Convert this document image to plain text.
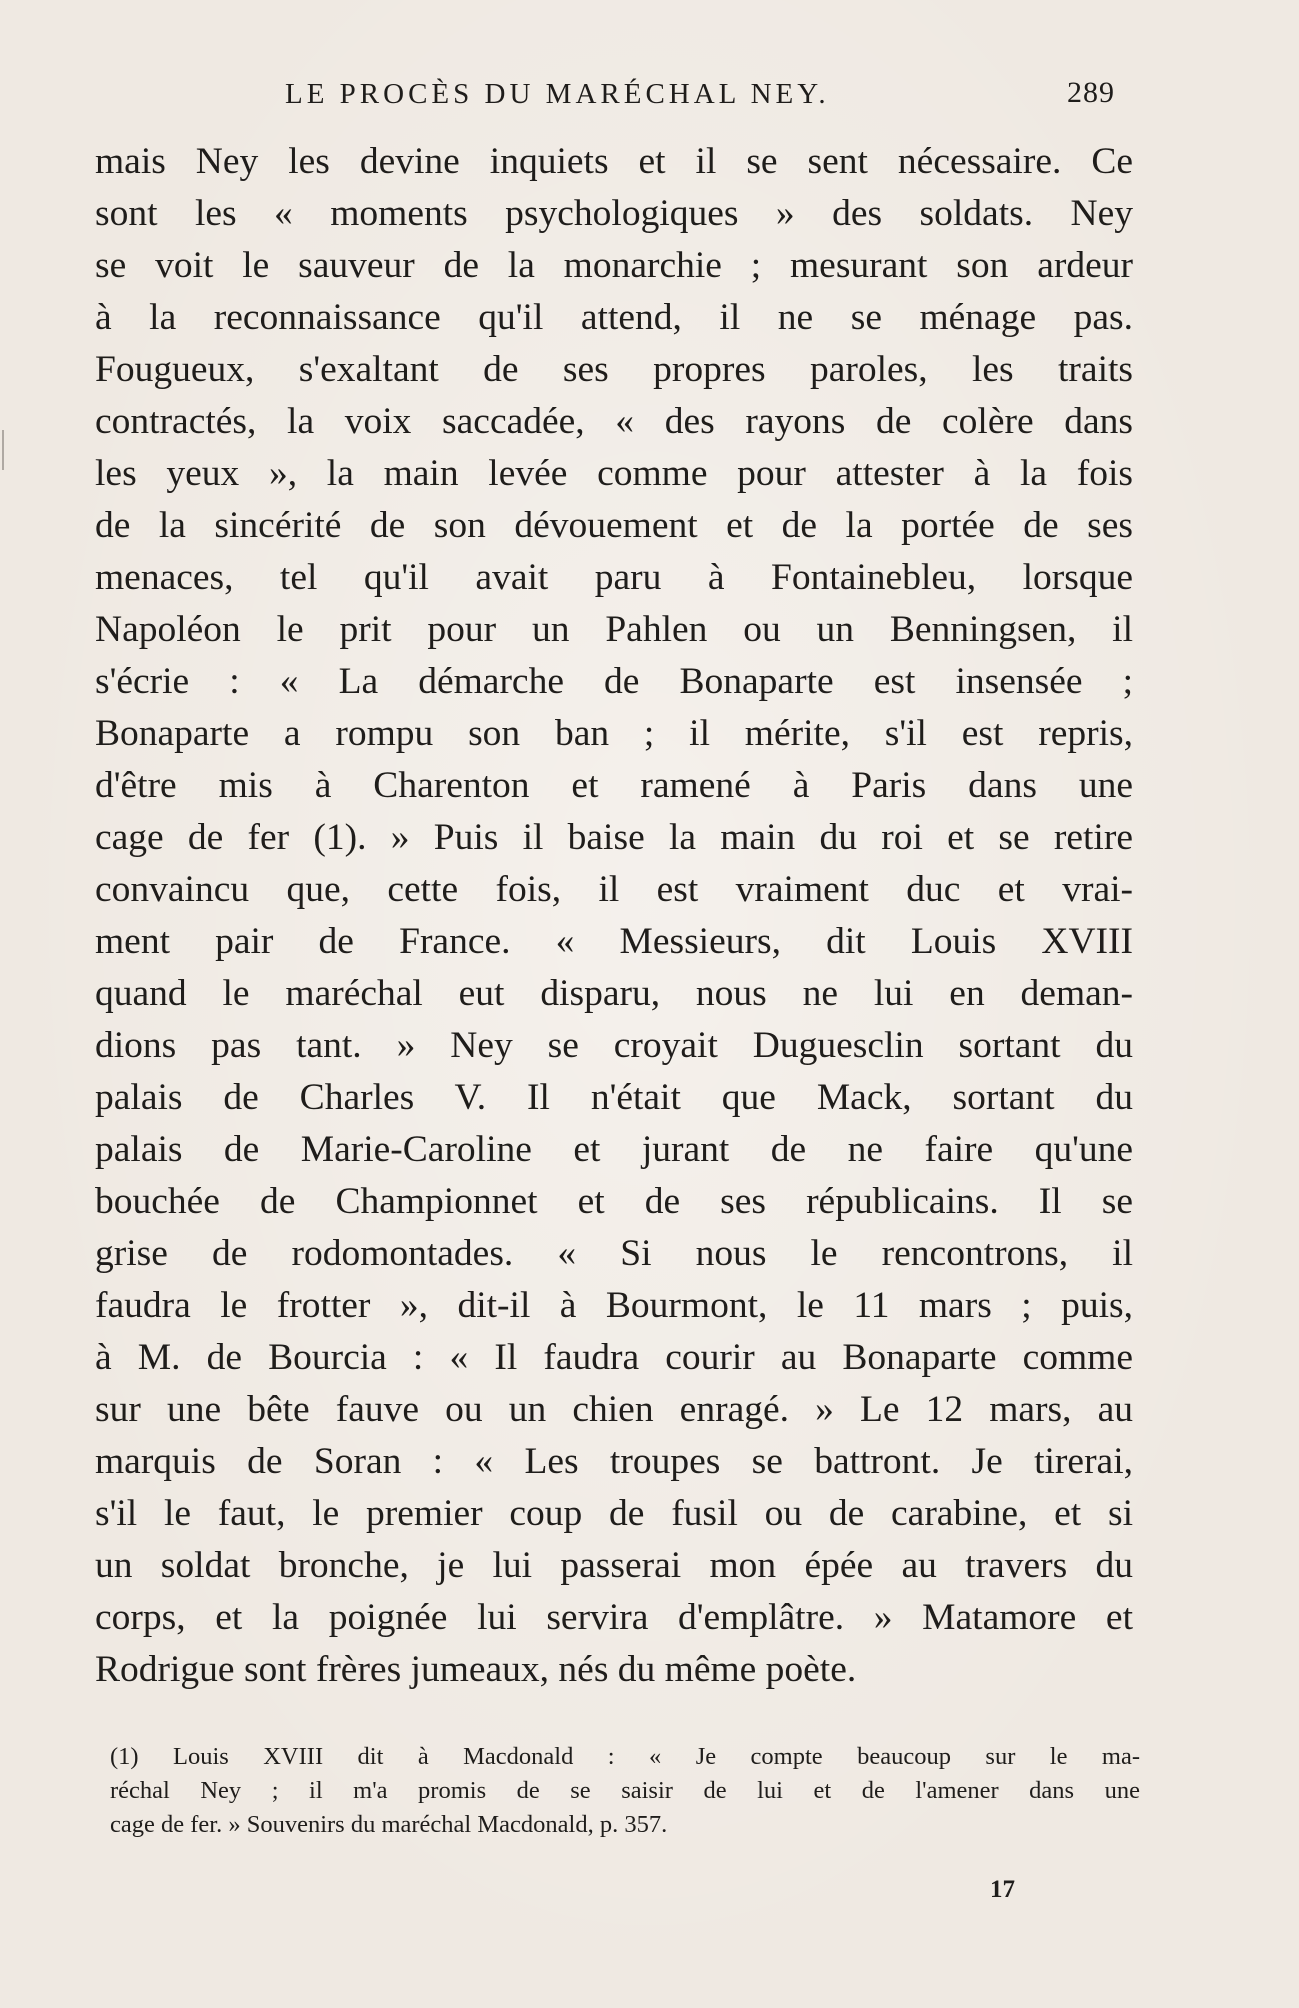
LE PROCÈS DU MARÉCHAL NEY.	289
mais Ney les devine inquiets et il se sent nécessaire. Ce
sont les « moments psychologiques » des soldats. Ney
se voit le sauveur de la monarchie ; mesurant son ardeur
à la reconnaissance qu'il attend, il ne se ménage pas.
Fougueux, s'exaltant de ses propres paroles, les traits
contractés, la voix saccadée, « des rayons de colère dans
les yeux », la main levée comme pour attester à la fois
de la sincérité de son dévouement et de la portée de ses
menaces, tel qu'il avait paru à Fontainebleu, lorsque
Napoléon le prit pour un Pahlen ou un Benningsen, il
s'écrie : « La démarche de Bonaparte est insensée ;
Bonaparte a rompu son ban ; il mérite, s'il est repris,
d'être mis à Charenton et ramené à Paris dans une
cage de fer (1). » Puis il baise la main du roi et se retire
convaincu que, cette fois, il est vraiment duc et vrai-
ment pair de France. « Messieurs, dit Louis XVIII
quand le maréchal eut disparu, nous ne lui en deman-
dions pas tant. » Ney se croyait Duguesclin sortant du
palais de Charles V. Il n'était que Mack, sortant du
palais de Marie-Caroline et jurant de ne faire qu'une
bouchée de Championnet et de ses républicains. Il se
grise de rodomontades. « Si nous le rencontrons, il
faudra le frotter », dit-il à Bourmont, le 11 mars ; puis,
à M. de Bourcia : « Il faudra courir au Bonaparte comme
sur une bête fauve ou un chien enragé. » Le 12 mars, au
marquis de Soran : « Les troupes se battront. Je tirerai,
s'il le faut, le premier coup de fusil ou de carabine, et si
un soldat bronche, je lui passerai mon épée au travers du
corps, et la poignée lui servira d'emplâtre. » Matamore et
Rodrigue sont frères jumeaux, nés du même poète.
(1) Louis XVIII dit à Macdonald : « Je compte beaucoup sur le ma-
réchal Ney ; il m'a promis de se saisir de lui et de l'amener dans une
cage de fer. » Souvenirs du maréchal Macdonald, p. 357.
17
